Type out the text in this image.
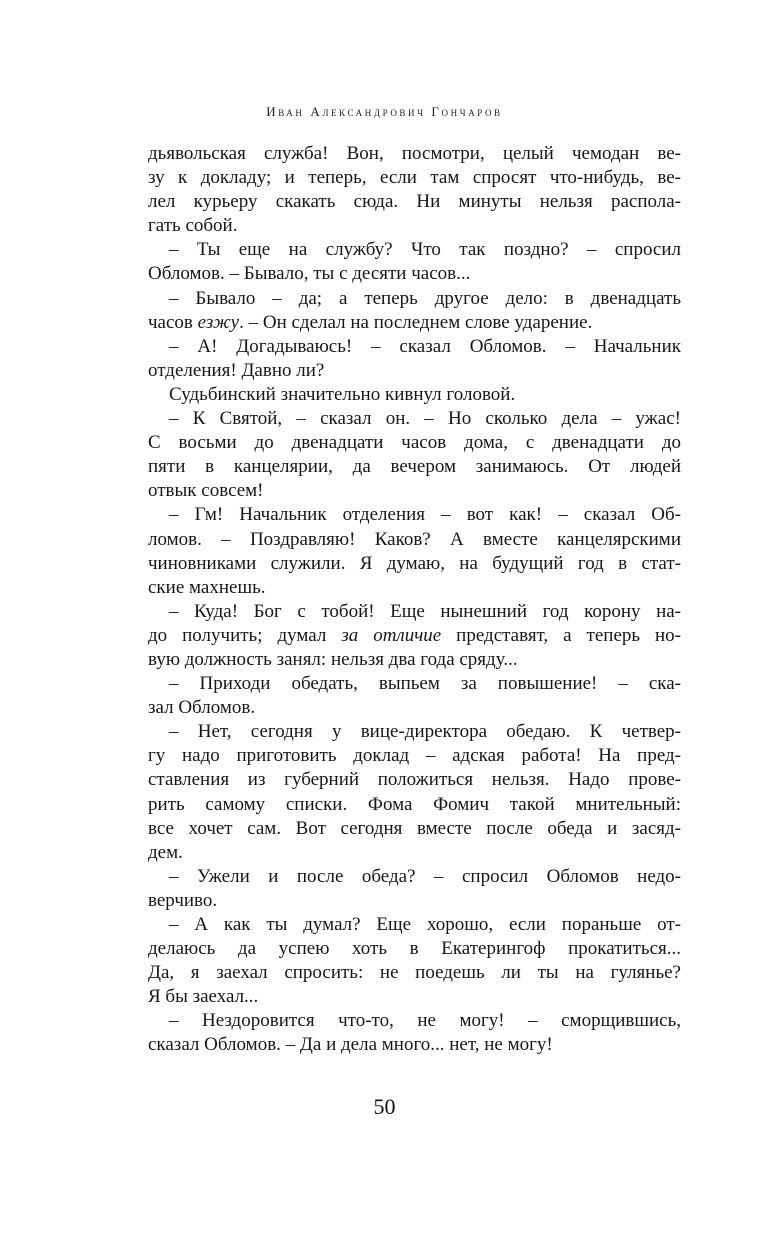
Иван Александрович Гончаров
дьявольская служба! Вон, посмотри, целый чемодан ве-
зу к докладу; и теперь, если там спросят что-нибудь, ве-
лел курьеру скакать сюда. Ни минуты нельзя распола-
гать собой.
– Ты еще на службу? Что так поздно? – спросил
Обломов. – Бывало, ты с десяти часов...
– Бывало – да; а теперь другое дело: в двенадцать
часов езжу. – Он сделал на последнем слове ударение.
– А! Догадываюсь! – сказал Обломов. – Начальник
отделения! Давно ли?
Судьбинский значительно кивнул головой.
– К Святой, – сказал он. – Но сколько дела – ужас!
С восьми до двенадцати часов дома, с двенадцати до
пяти в канцелярии, да вечером занимаюсь. От людей
отвык совсем!
– Гм! Начальник отделения – вот как! – сказал Об-
ломов. – Поздравляю! Каков? А вместе канцелярскими
чиновниками служили. Я думаю, на будущий год в стат-
ские махнешь.
– Куда! Бог с тобой! Еще нынешний год корону на-
до получить; думал за отличие представят, а теперь но-
вую должность занял: нельзя два года сряду...
– Приходи обедать, выпьем за повышение! – ска-
зал Обломов.
– Нет, сегодня у вице-директора обедаю. К четвер-
гу надо приготовить доклад – адская работа! На пред-
ставления из губерний положиться нельзя. Надо прове-
рить самому списки. Фома Фомич такой мнительный:
все хочет сам. Вот сегодня вместе после обеда и засяд-
дем.
– Ужели и после обеда? – спросил Обломов недо-
верчиво.
– А как ты думал? Еще хорошо, если пораньше от-
делаюсь да успею хоть в Екатерингоф прокатиться...
Да, я заехал спросить: не поедешь ли ты на гулянье?
Я бы заехал...
– Нездоровится что-то, не могу! – сморщившись,
сказал Обломов. – Да и дела много... нет, не могу!
50
